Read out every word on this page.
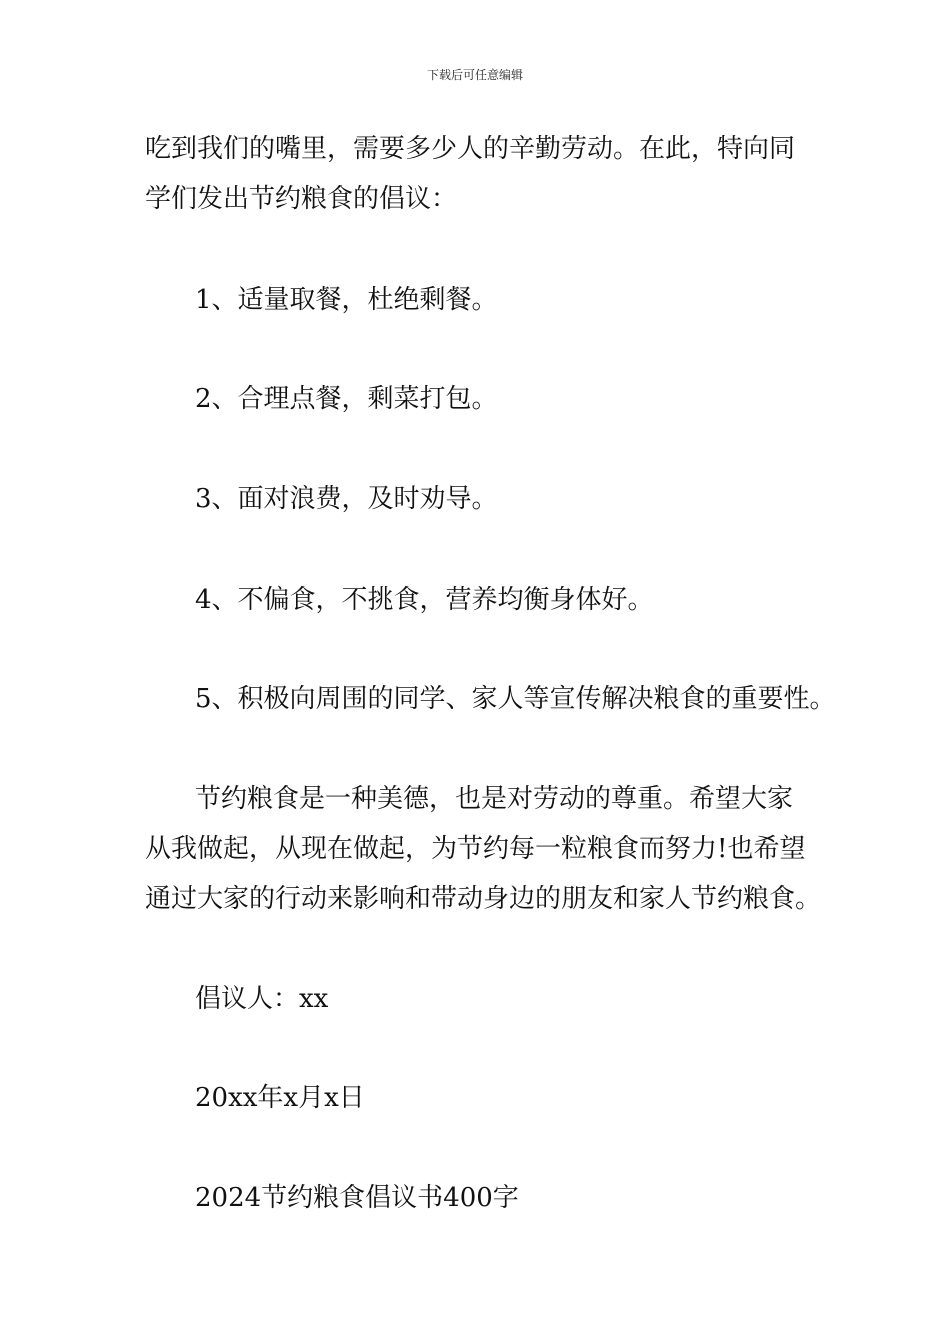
下载后可任意编辑
吃到我们的嘴里，需要多少人的辛勤劳动。在此，特向同
学们发出节约粮食的倡议：
1、适量取餐，杜绝剩餐。
2、合理点餐，剩菜打包。
3、面对浪费，及时劝导。
4、不偏食，不挑食，营养均衡身体好。
5、积极向周围的同学、家人等宣传解决粮食的重要性。
节约粮食是一种美德，也是对劳动的尊重。希望大家
从我做起，从现在做起，为节约每一粒粮食而努力!也希望
通过大家的行动来影响和带动身边的朋友和家人节约粮食。
倡议人：xx
20xx年x月x日
2024节约粮食倡议书400字
